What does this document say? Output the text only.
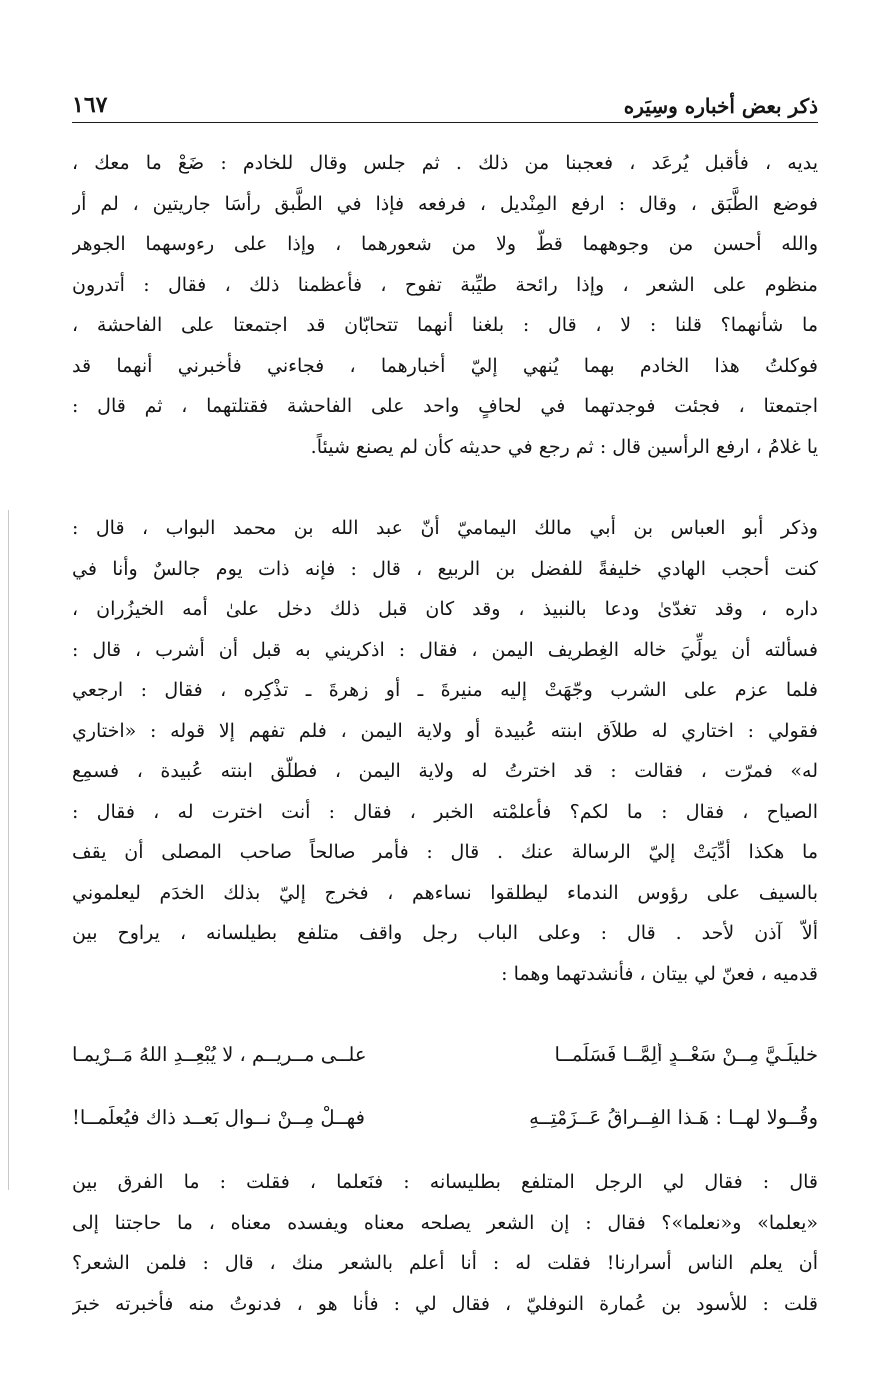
ذكر بعض أخباره وسِيَره
١٦٧
يديه ، فأقبل يُرعَد ، فعجبنا من ذلك . ثم جلس وقال للخادم : ضَعْ ما معك ،
فوضع الطَّبَق ، وقال : ارفع المِنْديل ، فرفعه فإذا في الطَّبق رأسَا جاريتين ، لم أر
والله أحسن من وجوههما قطّ ولا من شعورهما ، وإذا على رءوسهما الجوهر
منظوم على الشعر ، وإذا رائحة طيِّبة تفوح ، فأعظمنا ذلك ، فقال : أتدرون
ما شأنهما؟ قلنا : لا ، قال : بلغنا أنهما تتحابّان قد اجتمعتا على الفاحشة ،
فوكلتُ هذا الخادم بهما يُنهي إليّ أخبارهما ، فجاءني فأخبرني أنهما قد
اجتمعتا ، فجئت فوجدتهما في لحافٍ واحد على الفاحشة فقتلتهما ، ثم قال :
يا غلامُ ، ارفع الرأسين قال : ثم رجع في حديثه كأن لم يصنع شيئاً.
وذكر أبو العباس بن أبي مالك اليماميّ أنّ عبد الله بن محمد البواب ، قال :
كنت أحجب الهادي خليفةً للفضل بن الربيع ، قال : فإنه ذات يوم جالسٌ وأنا في
داره ، وقد تغدّىٰ ودعا بالنبيذ ، وقد كان قبل ذلك دخل علىٰ أمه الخيزُران ،
فسألته أن يولِّيَ خاله الغِطريف اليمن ، فقال : اذكريني به قبل أن أشرب ، قال :
فلما عزم على الشرب وجّهَتْ إليه منيرةَ ـ أو زهرةَ ـ تذْكِره ، فقال : ارجعي
فقولي : اختاري له طلاَق ابنته عُبيدة أو ولاية اليمن ، فلم تفهم إلا قوله : «اختاري
له» فمرّت ، فقالت : قد اخترتُ له ولاية اليمن ، فطلّق ابنته عُبيدة ، فسمِع
الصياح ، فقال : ما لكم؟ فأعلمْته الخبر ، فقال : أنت اخترت له ، فقال :
ما هكذا أدِّيَتْ إليّ الرسالة عنك . قال : فأمر صالحاً صاحب المصلى أن يقف
بالسيف على رؤوس الندماء ليطلقوا نساءهم ، فخرج إليّ بذلك الخدَم ليعلموني
ألاّ آذن لأحد . قال : وعلى الباب رجل واقف متلفع بطيلسانه ، يراوح بين
قدميه ، فعنّ لي بيتان ، فأنشدتهما وهما :
خليلَـيَّ مِــنْ سَعْــدٍ أَلِمَّــا فَسَلِّمــا
علــى مــريــمٍ ، لا يُبْعِــدِ اللهُ مَــرْيمـا
وقُــولا لهــا : هَـذا الفِــراقُ عَــزَمْتِــهِ
فهــلْ مِــنْ نــوالٍ بَعــد ذاك فيُعلَمــا!
قال : فقال لي الرجل المتلفع بطليسانه : فنَعلما ، فقلت : ما الفرق بين
«يعلما» و«نعلما»؟ فقال : إن الشعر يصلحه معناه ويفسده معناه ، ما حاجتنا إلى
أن يعلم الناس أسرارنا! فقلت له : أنا أعلم بالشعر منك ، قال : فلمن الشعر؟
قلت : للأسود بن عُمارة النوفليّ ، فقال لي : فأنا هو ، فدنوتُ منه فأخبرته خبرَ
